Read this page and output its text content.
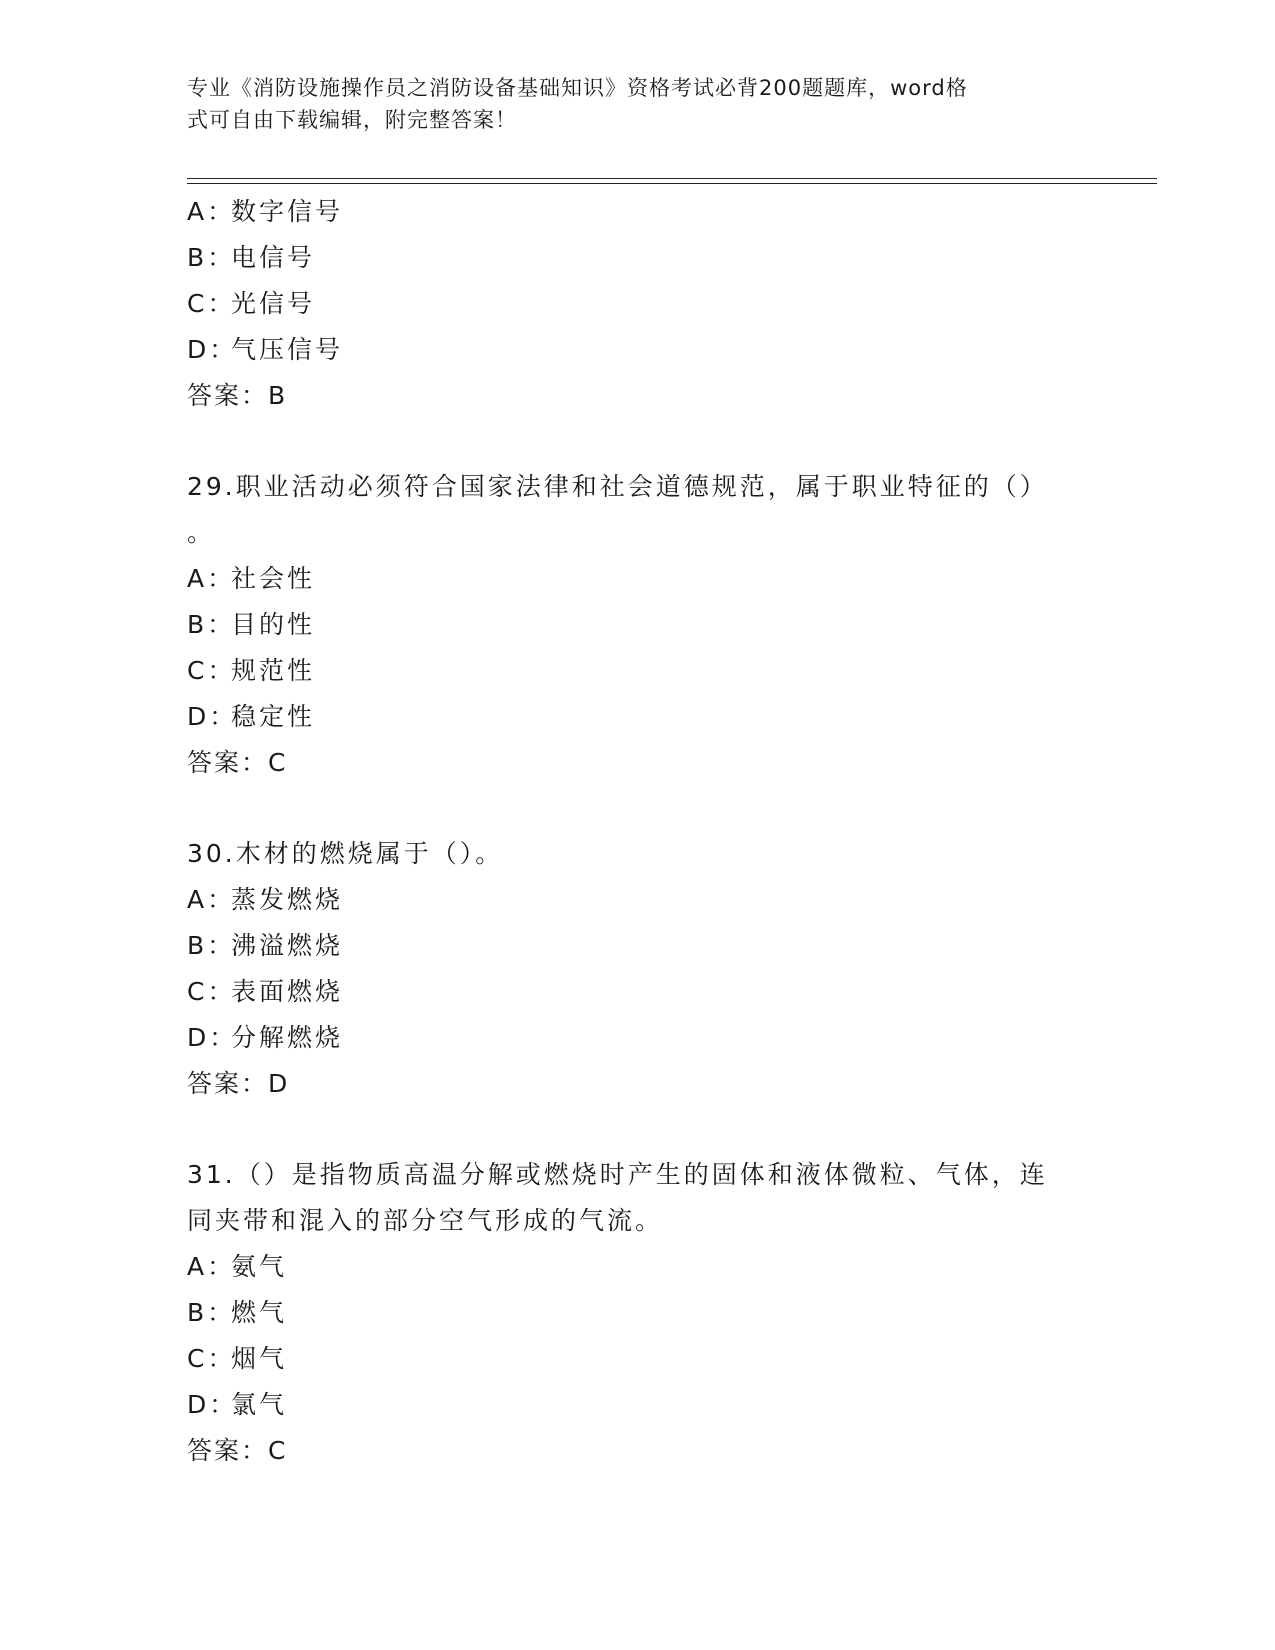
专业《消防设施操作员之消防设备基础知识》资格考试必背200题题库，word格
式可自由下载编辑，附完整答案！
A：数字信号
B：电信号
C：光信号
D：气压信号
答案：B
29.职业活动必须符合国家法律和社会道德规范，属于职业特征的（）
。
A：社会性
B：目的性
C：规范性
D：稳定性
答案：C
30.木材的燃烧属于（）。
A：蒸发燃烧
B：沸溢燃烧
C：表面燃烧
D：分解燃烧
答案：D
31.（）是指物质高温分解或燃烧时产生的固体和液体微粒、气体，连
同夹带和混入的部分空气形成的气流。
A：氨气
B：燃气
C：烟气
D：氯气
答案：C
